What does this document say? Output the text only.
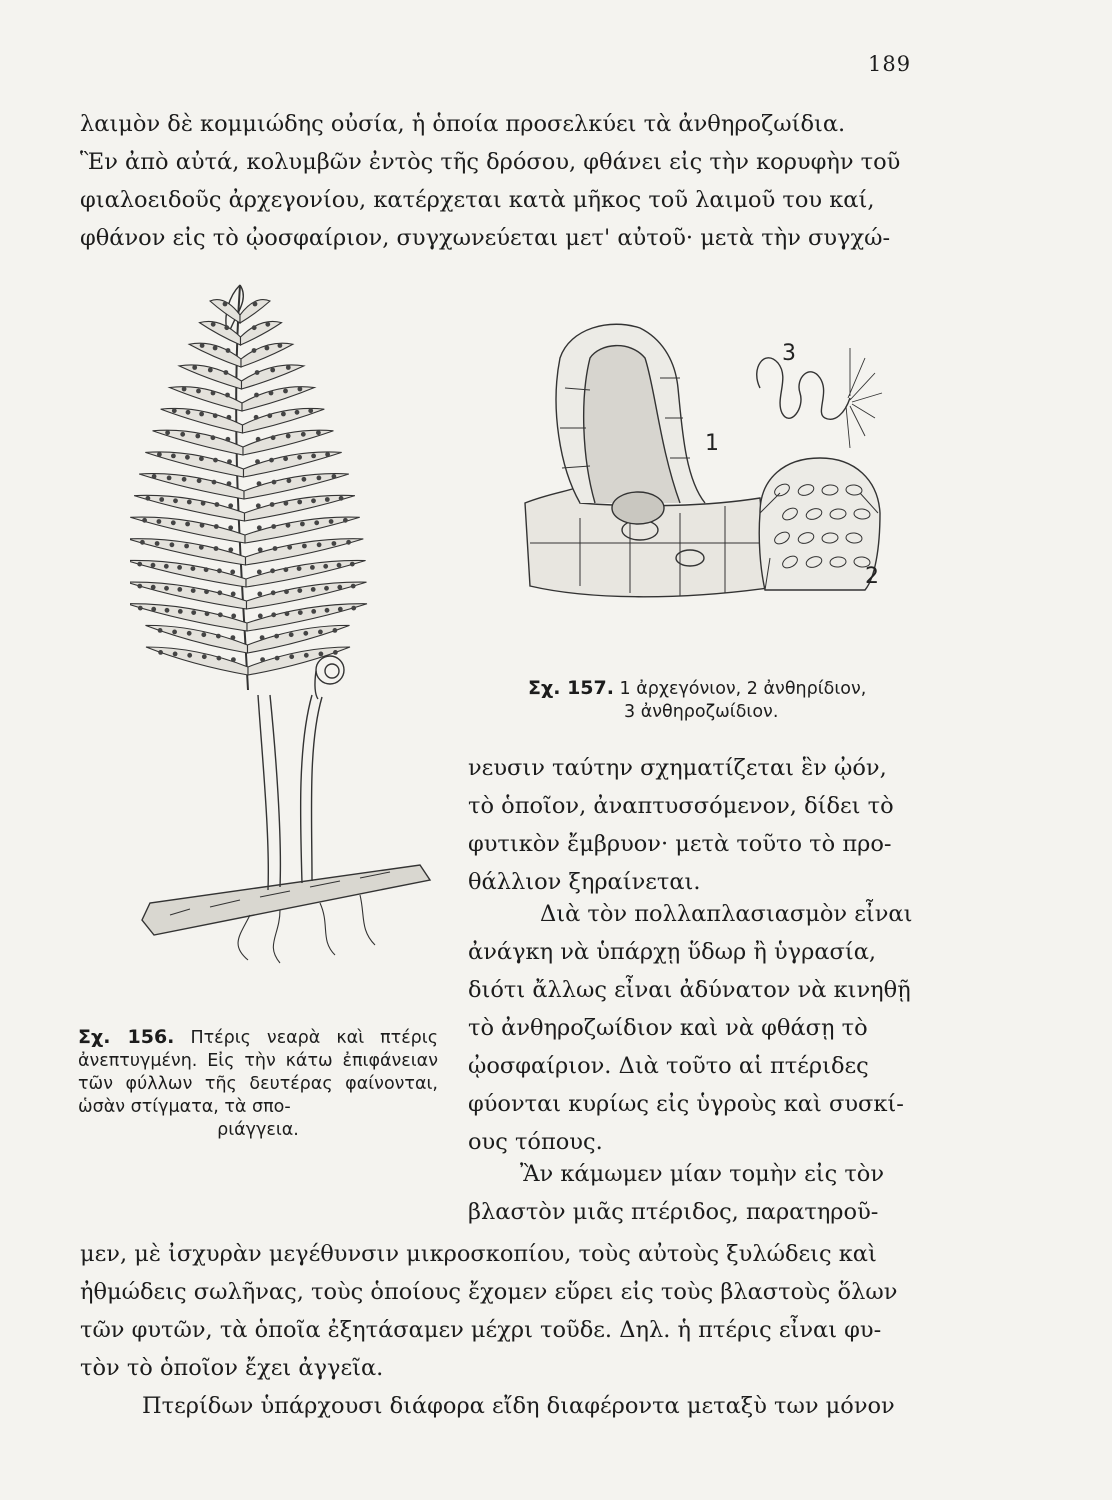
189
λαιμὸν δὲ κομμιώδης οὐσία, ἡ ὁποία προσελκύει τὰ ἀνθηροζωίδια.
Ἓν ἀπὸ αὐτά, κολυμβῶν ἐντὸς τῆς δρόσου, φθάνει εἰς τὴν κορυφὴν τοῦ
φιαλοειδοῦς ἀρχεγονίου, κατέρχεται κατὰ μῆκος τοῦ λαιμοῦ του καί,
φθάνον εἰς τὸ ᾠοσφαίριον, συγχωνεύεται μετ' αὐτοῦ· μετὰ τὴν συγχώ-
1
2
3
Σχ. 157. 1 ἀρχεγόνιον, 2 ἀνθηρίδιον,
3 ἀνθηροζωίδιον.
νευσιν ταύτην σχηματίζεται ἓν ᾠόν,
τὸ ὁποῖον, ἀναπτυσσόμενον, δίδει τὸ
φυτικὸν ἔμβρυον· μετὰ τοῦτο τὸ προ-
θάλλιον ξηραίνεται.
Διὰ τὸν πολλαπλασιασμὸν εἶναι
ἀνάγκη νὰ ὑπάρχῃ ὕδωρ ἢ ὑγρασία,
διότι ἄλλως εἶναι ἀδύνατον νὰ κινηθῇ
τὸ ἀνθηροζωίδιον καὶ νὰ φθάσῃ τὸ
ᾠοσφαίριον. Διὰ τοῦτο αἱ πτέριδες
φύονται κυρίως εἰς ὑγροὺς καὶ συσκί-
ους τόπους.
Ἂν κάμωμεν μίαν τομὴν εἰς τὸν
βλαστὸν μιᾶς πτέριδος, παρατηροῦ-
Σχ. 156. Πτέρις νεαρὰ καὶ πτέρις ἀνεπτυγμένη. Εἰς τὴν κάτω ἐπιφάνειαν τῶν φύλλων τῆς δευτέρας φαίνονται, ὡσὰν στίγματα, τὰ σπο-
ριάγγεια.
μεν, μὲ ἰσχυρὰν μεγέθυνσιν μικροσκοπίου, τοὺς αὐτοὺς ξυλώδεις καὶ
ἠθμώδεις σωλῆνας, τοὺς ὁποίους ἔχομεν εὕρει εἰς τοὺς βλαστοὺς ὅλων
τῶν φυτῶν, τὰ ὁποῖα ἐξητάσαμεν μέχρι τοῦδε. Δηλ. ἡ πτέρις εἶναι φυ-
τὸν τὸ ὁποῖον ἔχει ἀγγεῖα.
Πτερίδων ὑπάρχουσι διάφορα εἴδη διαφέροντα μεταξὺ των μόνον
